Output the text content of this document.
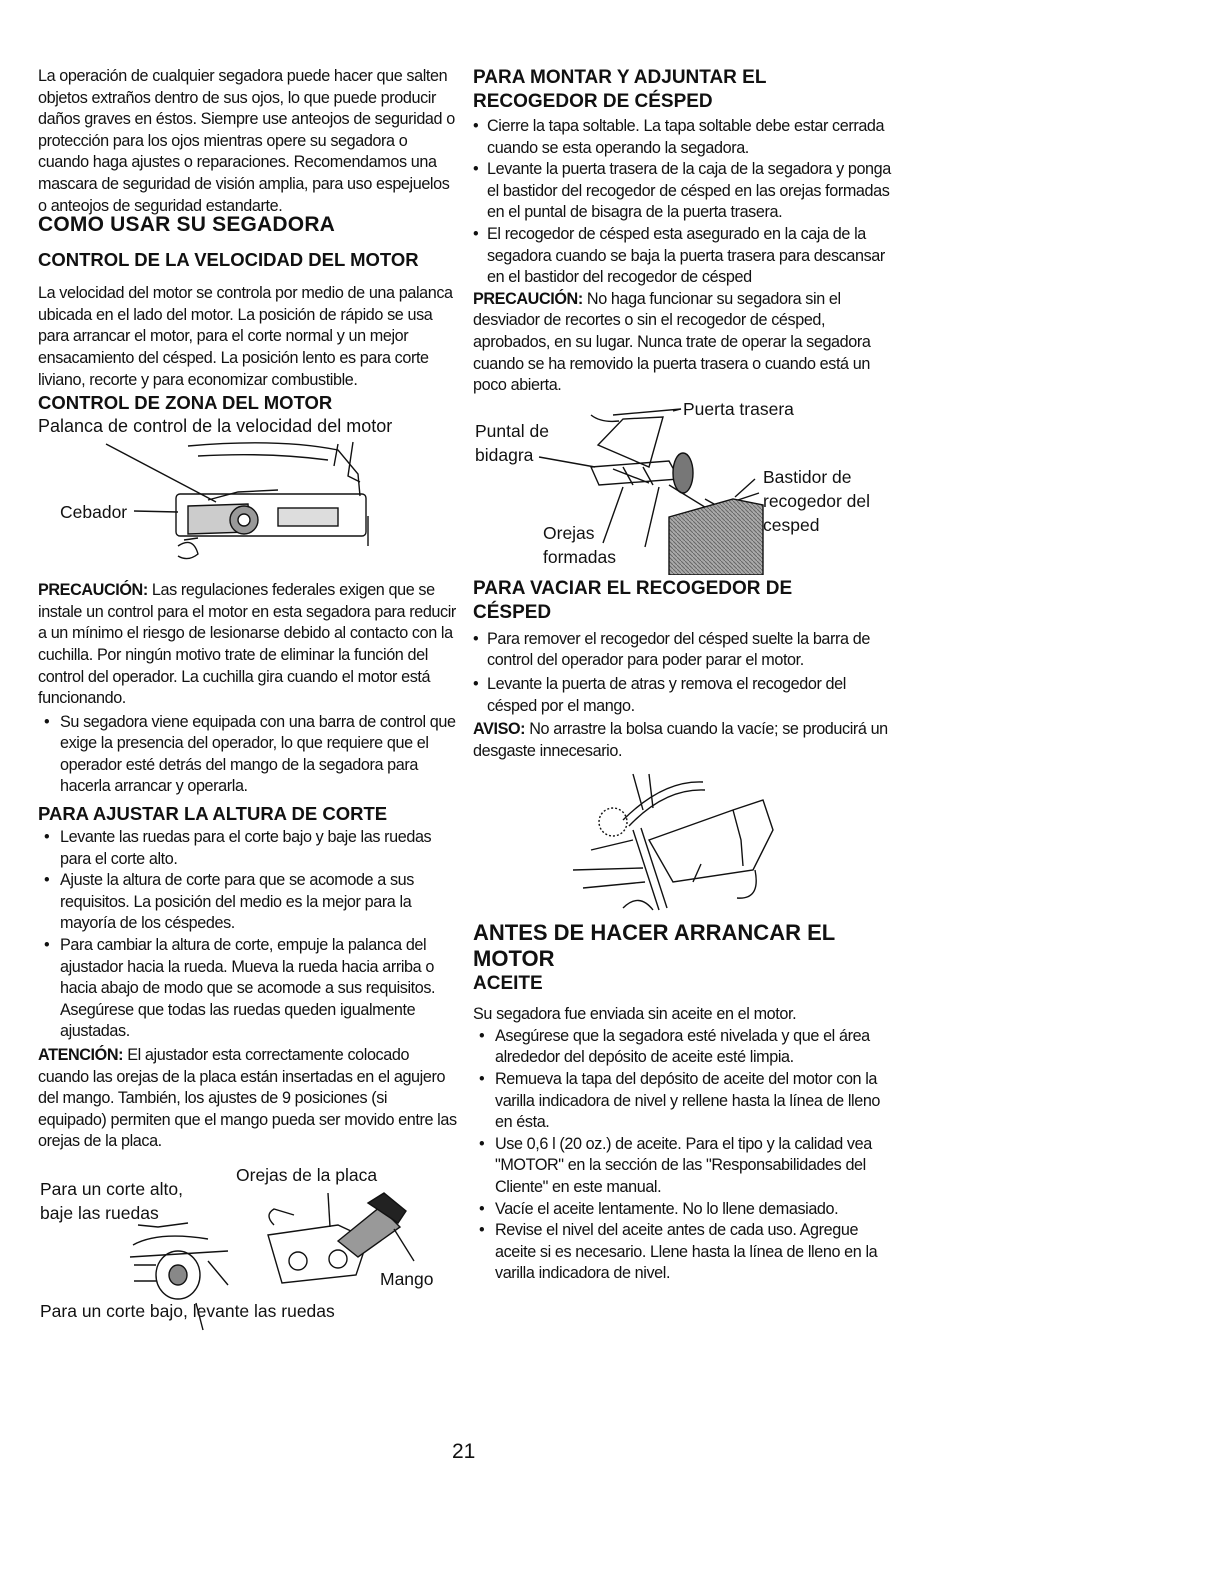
La operación de cualquier segadora puede hacer que salten objetos extraños dentro de sus ojos, lo que puede producir daños graves en éstos. Siempre use anteojos de seguridad o protección para los ojos mientras opere su segadora o cuando haga ajustes o reparaciones. Recomendamos una mascara de seguridad de visión amplia, para uso espejuelos o anteojos de seguridad estandarte.

COMO USAR SU SEGADORA
CONTROL DE LA VELOCIDAD DEL MOTOR

La velocidad del motor se controla por medio de una palanca ubicada en el lado del motor. La posición de rápido se usa para arrancar el motor, para el corte normal y un mejor ensacamiento del césped. La posición lento es para corte liviano, recorte y para economizar combustible.

CONTROL DE ZONA DEL MOTOR
Palanca de control de la velocidad del motor
Cebador

PRECAUCIÓN: Las regulaciones federales exigen que se instale un control para el motor en esta segadora para reducir a un mínimo el riesgo de lesionarse debido al contacto con la cuchilla. Por ningún motivo trate de eliminar la función del control del operador. La cuchilla gira cuando el motor está funcionando.

• Su segadora viene equipada con una barra de control que exige la presencia del operador, lo que requiere que el operador esté detrás del mango de la segadora para hacerla arrancar y operarla.
PARA AJUSTAR LA ALTURA DE CORTE
• Levante las ruedas para el corte bajo y baje las ruedas para el corte alto.
• Ajuste la altura de corte para que se acomode a sus requisitos. La posición del medio es la mejor para la mayoría de los céspedes.
• Para cambiar la altura de corte, empuje la palanca del ajustador hacia la rueda. Mueva la rueda hacia arriba o hacia abajo de modo que se acomode a sus requisitos. Asegúrese que todas las ruedas queden igualmente ajustadas.

ATENCIÓN: El ajustador esta correctamente colocado cuando las orejas de la placa están insertadas en el agujero del mango. También, los ajustes de 9 posiciones (si equipado) permiten que el mango pueda ser movido entre las orejas de la placa.

Para un corte alto, baje las ruedas
Orejas de la placa
Mango
Para un corte bajo, levante las ruedas
PARA MONTAR Y ADJUNTAR EL RECOGEDOR DE CÉSPED
• Cierre la tapa soltable. La tapa soltable debe estar cerrada cuando se esta operando la segadora.
• Levante la puerta trasera de la caja de la segadora y ponga el bastidor del recogedor de césped en las orejas formadas en el puntal de bisagra de la puerta trasera.
• El recogedor de césped esta asegurado en la caja de la segadora cuando se baja la puerta trasera para descansar en el bastidor del recogedor de césped

PRECAUCIÓN: No haga funcionar su segadora sin el desviador de recortes o sin el recogedor de césped, aprobados, en su lugar. Nunca trate de operar la segadora cuando se ha removido la puerta trasera o cuando está un poco abierta.

Puerta trasera
Puntal de bidagra
Bastidor de recogedor del cesped
Orejas formadas
PARA VACIAR EL RECOGEDOR DE CÉSPED
• Para remover el recogedor del césped suelte la barra de control del operador para poder parar el motor.
• Levante la puerta de atras y remova el recogedor del césped por el mango.

AVISO: No arrastre la bolsa cuando la vacíe; se producirá un desgaste innecesario.

ANTES DE HACER ARRANCAR EL MOTOR
ACEITE

Su segadora fue enviada sin aceite en el motor.

• Asegúrese que la segadora esté nivelada y que el área alrededor del depósito de aceite esté limpia.
• Remueva la tapa del depósito de aceite del motor con la varilla indicadora de nivel y rellene hasta la línea de lleno en ésta.
• Use 0,6 l (20 oz.) de aceite. Para el tipo y la calidad vea "MOTOR" en la sección de las "Responsabilidades del Cliente" en este manual.
• Vacíe el aceite lentamente. No lo llene demasiado.
• Revise el nivel del aceite antes de cada uso. Agregue aceite si es necesario. Llene hasta la línea de lleno en la varilla indicadora de nivel.
21
